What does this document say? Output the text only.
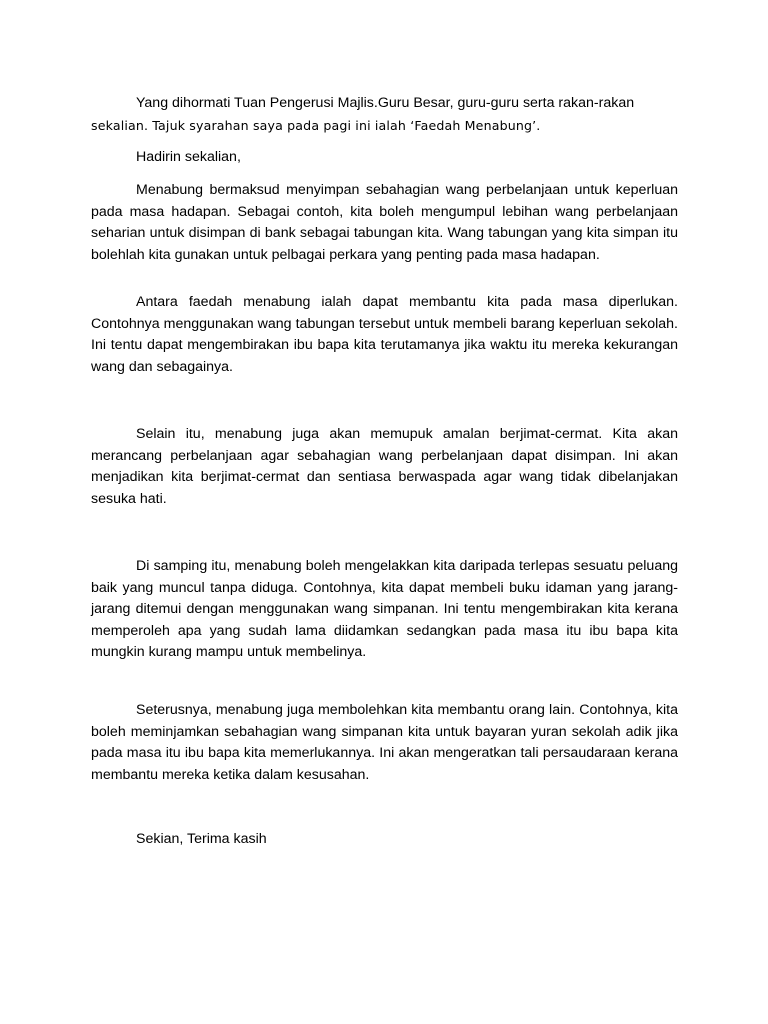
Yang dihormati Tuan Pengerusi Majlis.Guru Besar, guru-guru serta rakan-rakan
sekalian. Tajuk syarahan saya pada pagi ini ialah ‘Faedah Menabung’.

Hadirin sekalian,

Menabung bermaksud menyimpan sebahagian wang perbelanjaan untuk keperluan pada masa hadapan. Sebagai contoh, kita boleh mengumpul lebihan wang perbelanjaan seharian untuk disimpan di bank sebagai tabungan kita. Wang tabungan yang kita simpan itu bolehlah kita gunakan untuk pelbagai perkara yang penting pada masa hadapan.

Antara faedah menabung ialah dapat membantu kita pada masa diperlukan. Contohnya menggunakan wang tabungan tersebut untuk membeli barang keperluan sekolah. Ini tentu dapat mengembirakan ibu bapa kita terutamanya jika waktu itu mereka kekurangan wang dan sebagainya.

Selain itu, menabung juga akan memupuk amalan berjimat-cermat. Kita akan merancang perbelanjaan agar sebahagian wang perbelanjaan dapat disimpan. Ini akan menjadikan kita berjimat-cermat dan sentiasa berwaspada agar wang tidak dibelanjakan sesuka hati.

Di samping itu, menabung boleh mengelakkan kita daripada terlepas sesuatu peluang baik yang muncul tanpa diduga. Contohnya, kita dapat membeli buku idaman yang jarang-jarang ditemui dengan menggunakan wang simpanan. Ini tentu mengembirakan kita kerana memperoleh apa yang sudah lama diidamkan sedangkan pada masa itu ibu bapa kita mungkin kurang mampu untuk membelinya.

Seterusnya, menabung juga membolehkan kita membantu orang lain. Contohnya, kita boleh meminjamkan sebahagian wang simpanan kita untuk bayaran yuran sekolah adik jika pada masa itu ibu bapa kita memerlukannya. Ini akan mengeratkan tali persaudaraan kerana membantu mereka ketika dalam kesusahan.

Sekian, Terima kasih
